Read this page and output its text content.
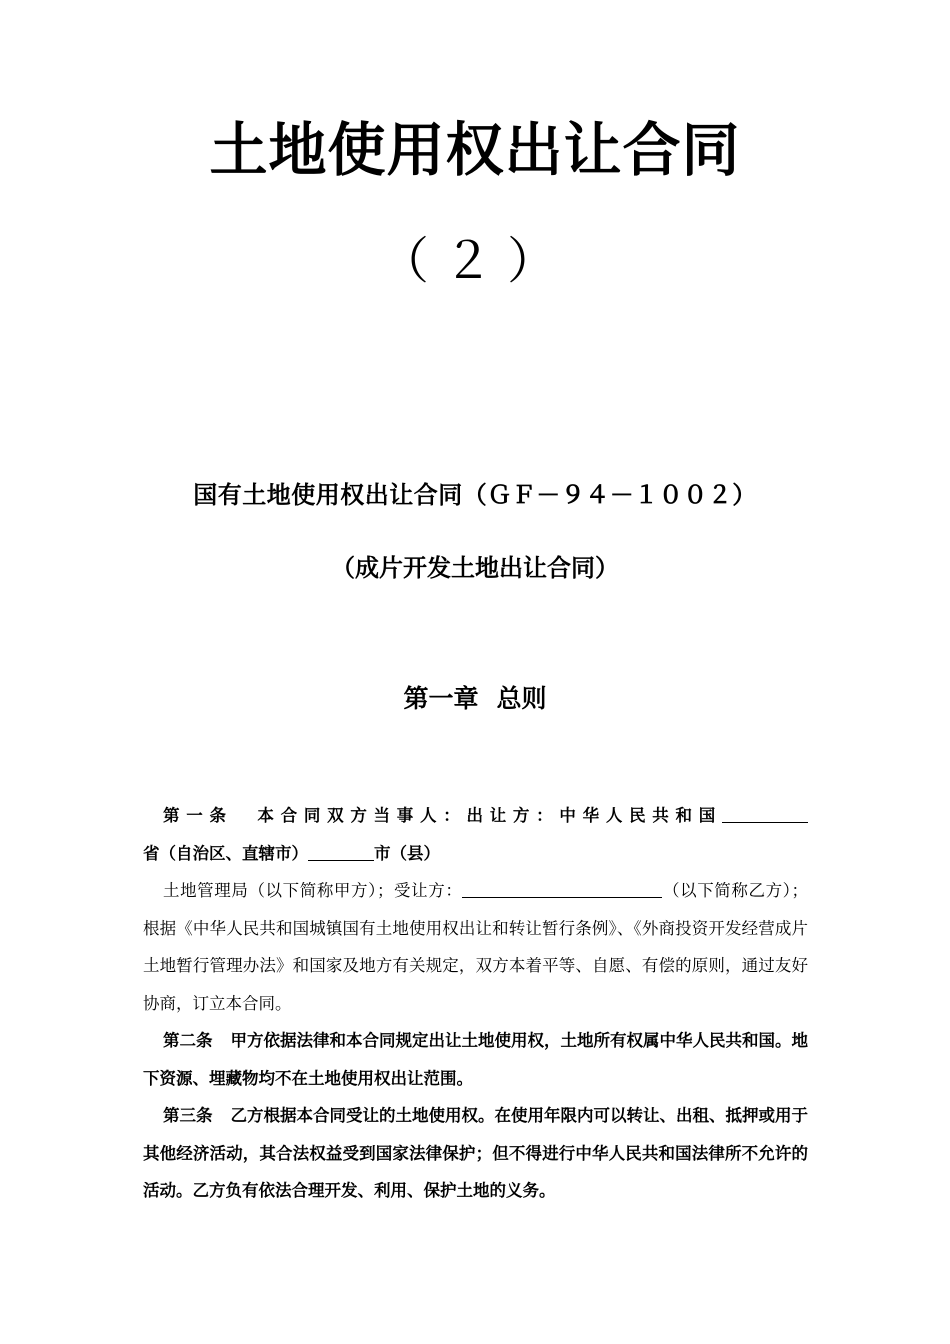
土地使用权出让合同
（２）
国有土地使用权出让合同（ＧＦ－９４－１００２）
（成片开发土地出让合同）
第一章 总则

第一条 本合同双方当事人：出让方：中华人民共和国省（自治区、直辖市）	市（县）

土地管理局（以下简称甲方）；受让方：	（以下简称乙方）；根据《中华人民共和国城镇国有土地使用权出让和转让暂行条例》、《外商投资开发经营成片土地暂行管理办法》和国家及地方有关规定，双方本着平等、自愿、有偿的原则，通过友好协商，订立本合同。

第二条 甲方依据法律和本合同规定出让土地使用权，土地所有权属中华人民共和国。地下资源、埋藏物均不在土地使用权出让范围。

第三条 乙方根据本合同受让的土地使用权。在使用年限内可以转让、出租、抵押或用于其他经济活动，其合法权益受到国家法律保护；但不得进行中华人民共和国法律所不允许的活动。乙方负有依法合理开发、利用、保护土地的义务。
